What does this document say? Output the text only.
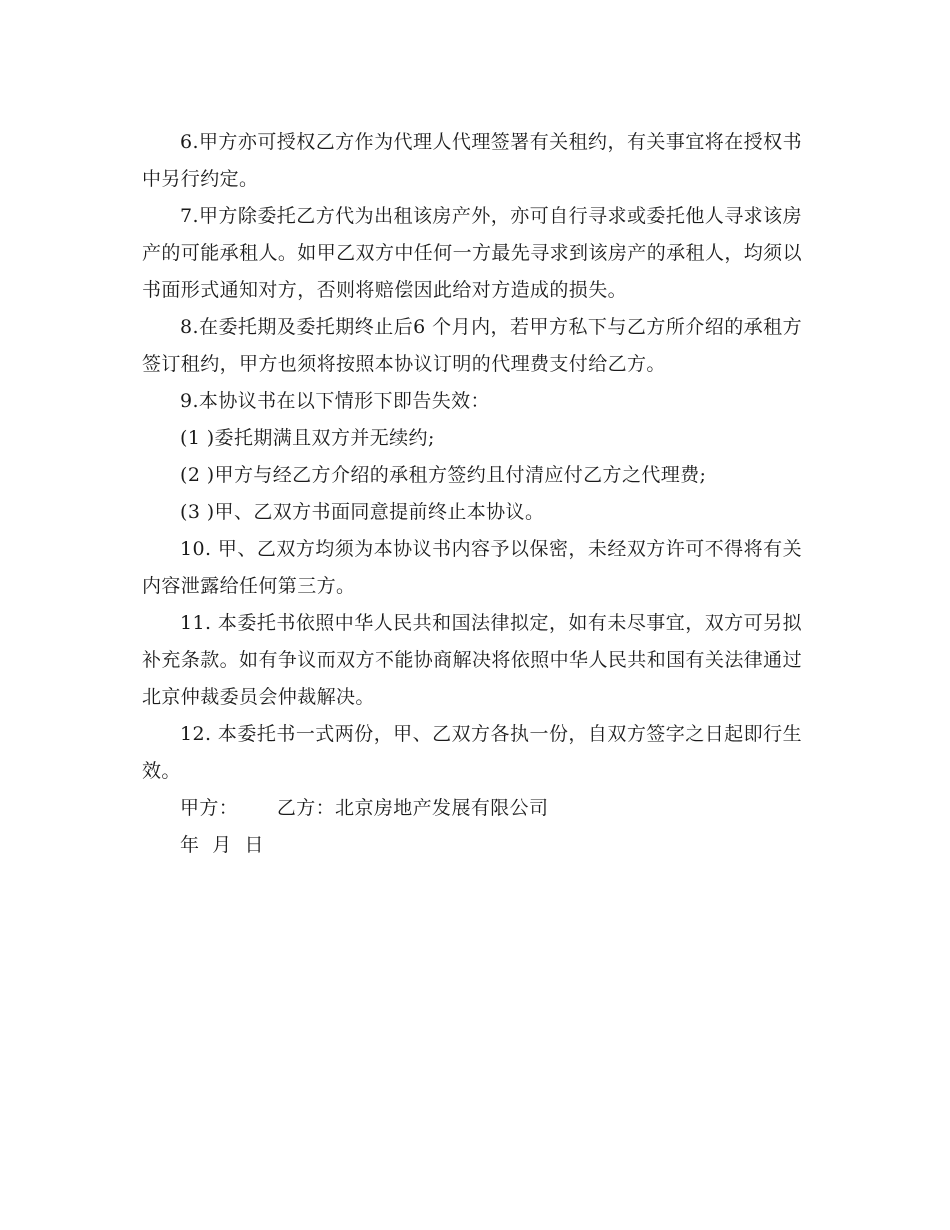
6.甲方亦可授权乙方作为代理人代理签署有关租约，有关事宜将在授权书中另行约定。

7.甲方除委托乙方代为出租该房产外，亦可自行寻求或委托他人寻求该房产的可能承租人。如甲乙双方中任何一方最先寻求到该房产的承租人，均须以书面形式通知对方，否则将赔偿因此给对方造成的损失。

8.在委托期及委托期终止后6 个月内，若甲方私下与乙方所介绍的承租方签订租约，甲方也须将按照本协议订明的代理费支付给乙方。

9.本协议书在以下情形下即告失效：

(1 )委托期满且双方并无续约;

(2 )甲方与经乙方介绍的承租方签约且付清应付乙方之代理费;

(3 )甲、乙双方书面同意提前终止本协议。

10. 甲、乙双方均须为本协议书内容予以保密，未经双方许可不得将有关内容泄露给任何第三方。

11. 本委托书依照中华人民共和国法律拟定，如有未尽事宜，双方可另拟补充条款。如有争议而双方不能协商解决将依照中华人民共和国有关法律通过北京仲裁委员会仲裁解决。

12. 本委托书一式两份，甲、乙双方各执一份，自双方签字之日起即行生效。

甲方：      乙方：北京房地产发展有限公司

年  月  日
